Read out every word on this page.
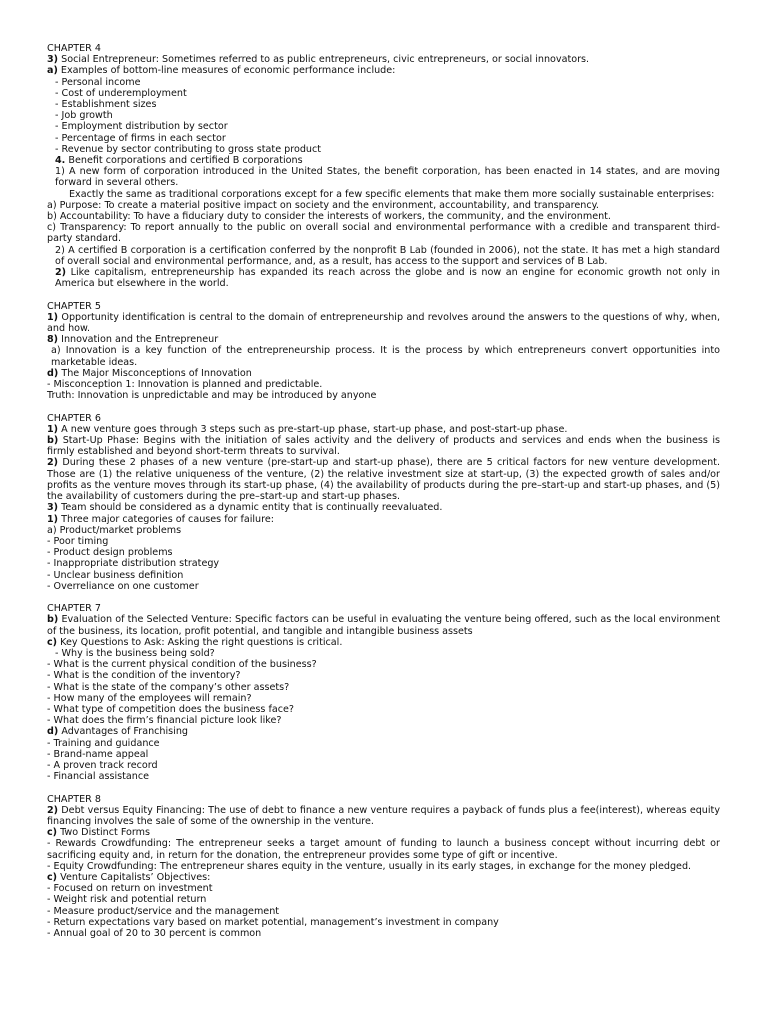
CHAPTER 4
3) Social Entrepreneur: Sometimes referred to as public entrepreneurs, civic entrepreneurs, or social innovators.
a) Examples of bottom-line measures of economic performance include:
- Personal income
- Cost of underemployment
- Establishment sizes
- Job growth
- Employment distribution by sector
- Percentage of firms in each sector
- Revenue by sector contributing to gross state product
4. Benefit corporations and certified B corporations
1) A new form of corporation introduced in the United States, the benefit corporation, has been enacted in 14 states, and are moving forward in several others.
Exactly the same as traditional corporations except for a few specific elements that make them more socially sustainable enterprises:
a) Purpose: To create a material positive impact on society and the environment, accountability, and transparency.
b) Accountability: To have a fiduciary duty to consider the interests of workers, the community, and the environment.
c) Transparency: To report annually to the public on overall social and environmental performance with a credible and transparent third-party standard.
2) A certified B corporation is a certification conferred by the nonprofit B Lab (founded in 2006), not the state. It has met a high standard of overall social and environmental performance, and, as a result, has access to the support and services of B Lab.
2) Like capitalism, entrepreneurship has expanded its reach across the globe and is now an engine for economic growth not only in America but elsewhere in the world.
CHAPTER 5
1) Opportunity identification is central to the domain of entrepreneurship and revolves around the answers to the questions of why, when, and how.
8) Innovation and the Entrepreneur
a) Innovation is a key function of the entrepreneurship process. It is the process by which entrepreneurs convert opportunities into marketable ideas.
d) The Major Misconceptions of Innovation
- Misconception 1: Innovation is planned and predictable.
Truth: Innovation is unpredictable and may be introduced by anyone
CHAPTER 6
1) A new venture goes through 3 steps such as pre-start-up phase, start-up phase, and post-start-up phase.
b) Start-Up Phase: Begins with the initiation of sales activity and the delivery of products and services and ends when the business is firmly established and beyond short-term threats to survival.
2) During these 2 phases of a new venture (pre-start-up and start-up phase), there are 5 critical factors for new venture development. Those are (1) the relative uniqueness of the venture, (2) the relative investment size at start-up, (3) the expected growth of sales and/or profits as the venture moves through its start-up phase, (4) the availability of products during the pre–start-up and start-up phases, and (5) the availability of customers during the pre–start-up and start-up phases.
3) Team should be considered as a dynamic entity that is continually reevaluated.
1) Three major categories of causes for failure:
a) Product/market problems
- Poor timing
- Product design problems
- Inappropriate distribution strategy
- Unclear business definition
- Overreliance on one customer
CHAPTER 7
b) Evaluation of the Selected Venture: Specific factors can be useful in evaluating the venture being offered, such as the local environment of the business, its location, profit potential, and tangible and intangible business assets
c) Key Questions to Ask: Asking the right questions is critical.
- Why is the business being sold?
- What is the current physical condition of the business?
- What is the condition of the inventory?
- What is the state of the company’s other assets?
- How many of the employees will remain?
- What type of competition does the business face?
- What does the firm’s financial picture look like?
d) Advantages of Franchising
- Training and guidance
- Brand-name appeal
- A proven track record
- Financial assistance
CHAPTER 8
2) Debt versus Equity Financing: The use of debt to finance a new venture requires a payback of funds plus a fee(interest), whereas equity financing involves the sale of some of the ownership in the venture.
c) Two Distinct Forms
- Rewards Crowdfunding: The entrepreneur seeks a target amount of funding to launch a business concept without incurring debt or sacrificing equity and, in return for the donation, the entrepreneur provides some type of gift or incentive.
- Equity Crowdfunding: The entrepreneur shares equity in the venture, usually in its early stages, in exchange for the money pledged.
c) Venture Capitalists’ Objectives:
- Focused on return on investment
- Weight risk and potential return
- Measure product/service and the management
- Return expectations vary based on market potential, management’s investment in company
- Annual goal of 20 to 30 percent is common
